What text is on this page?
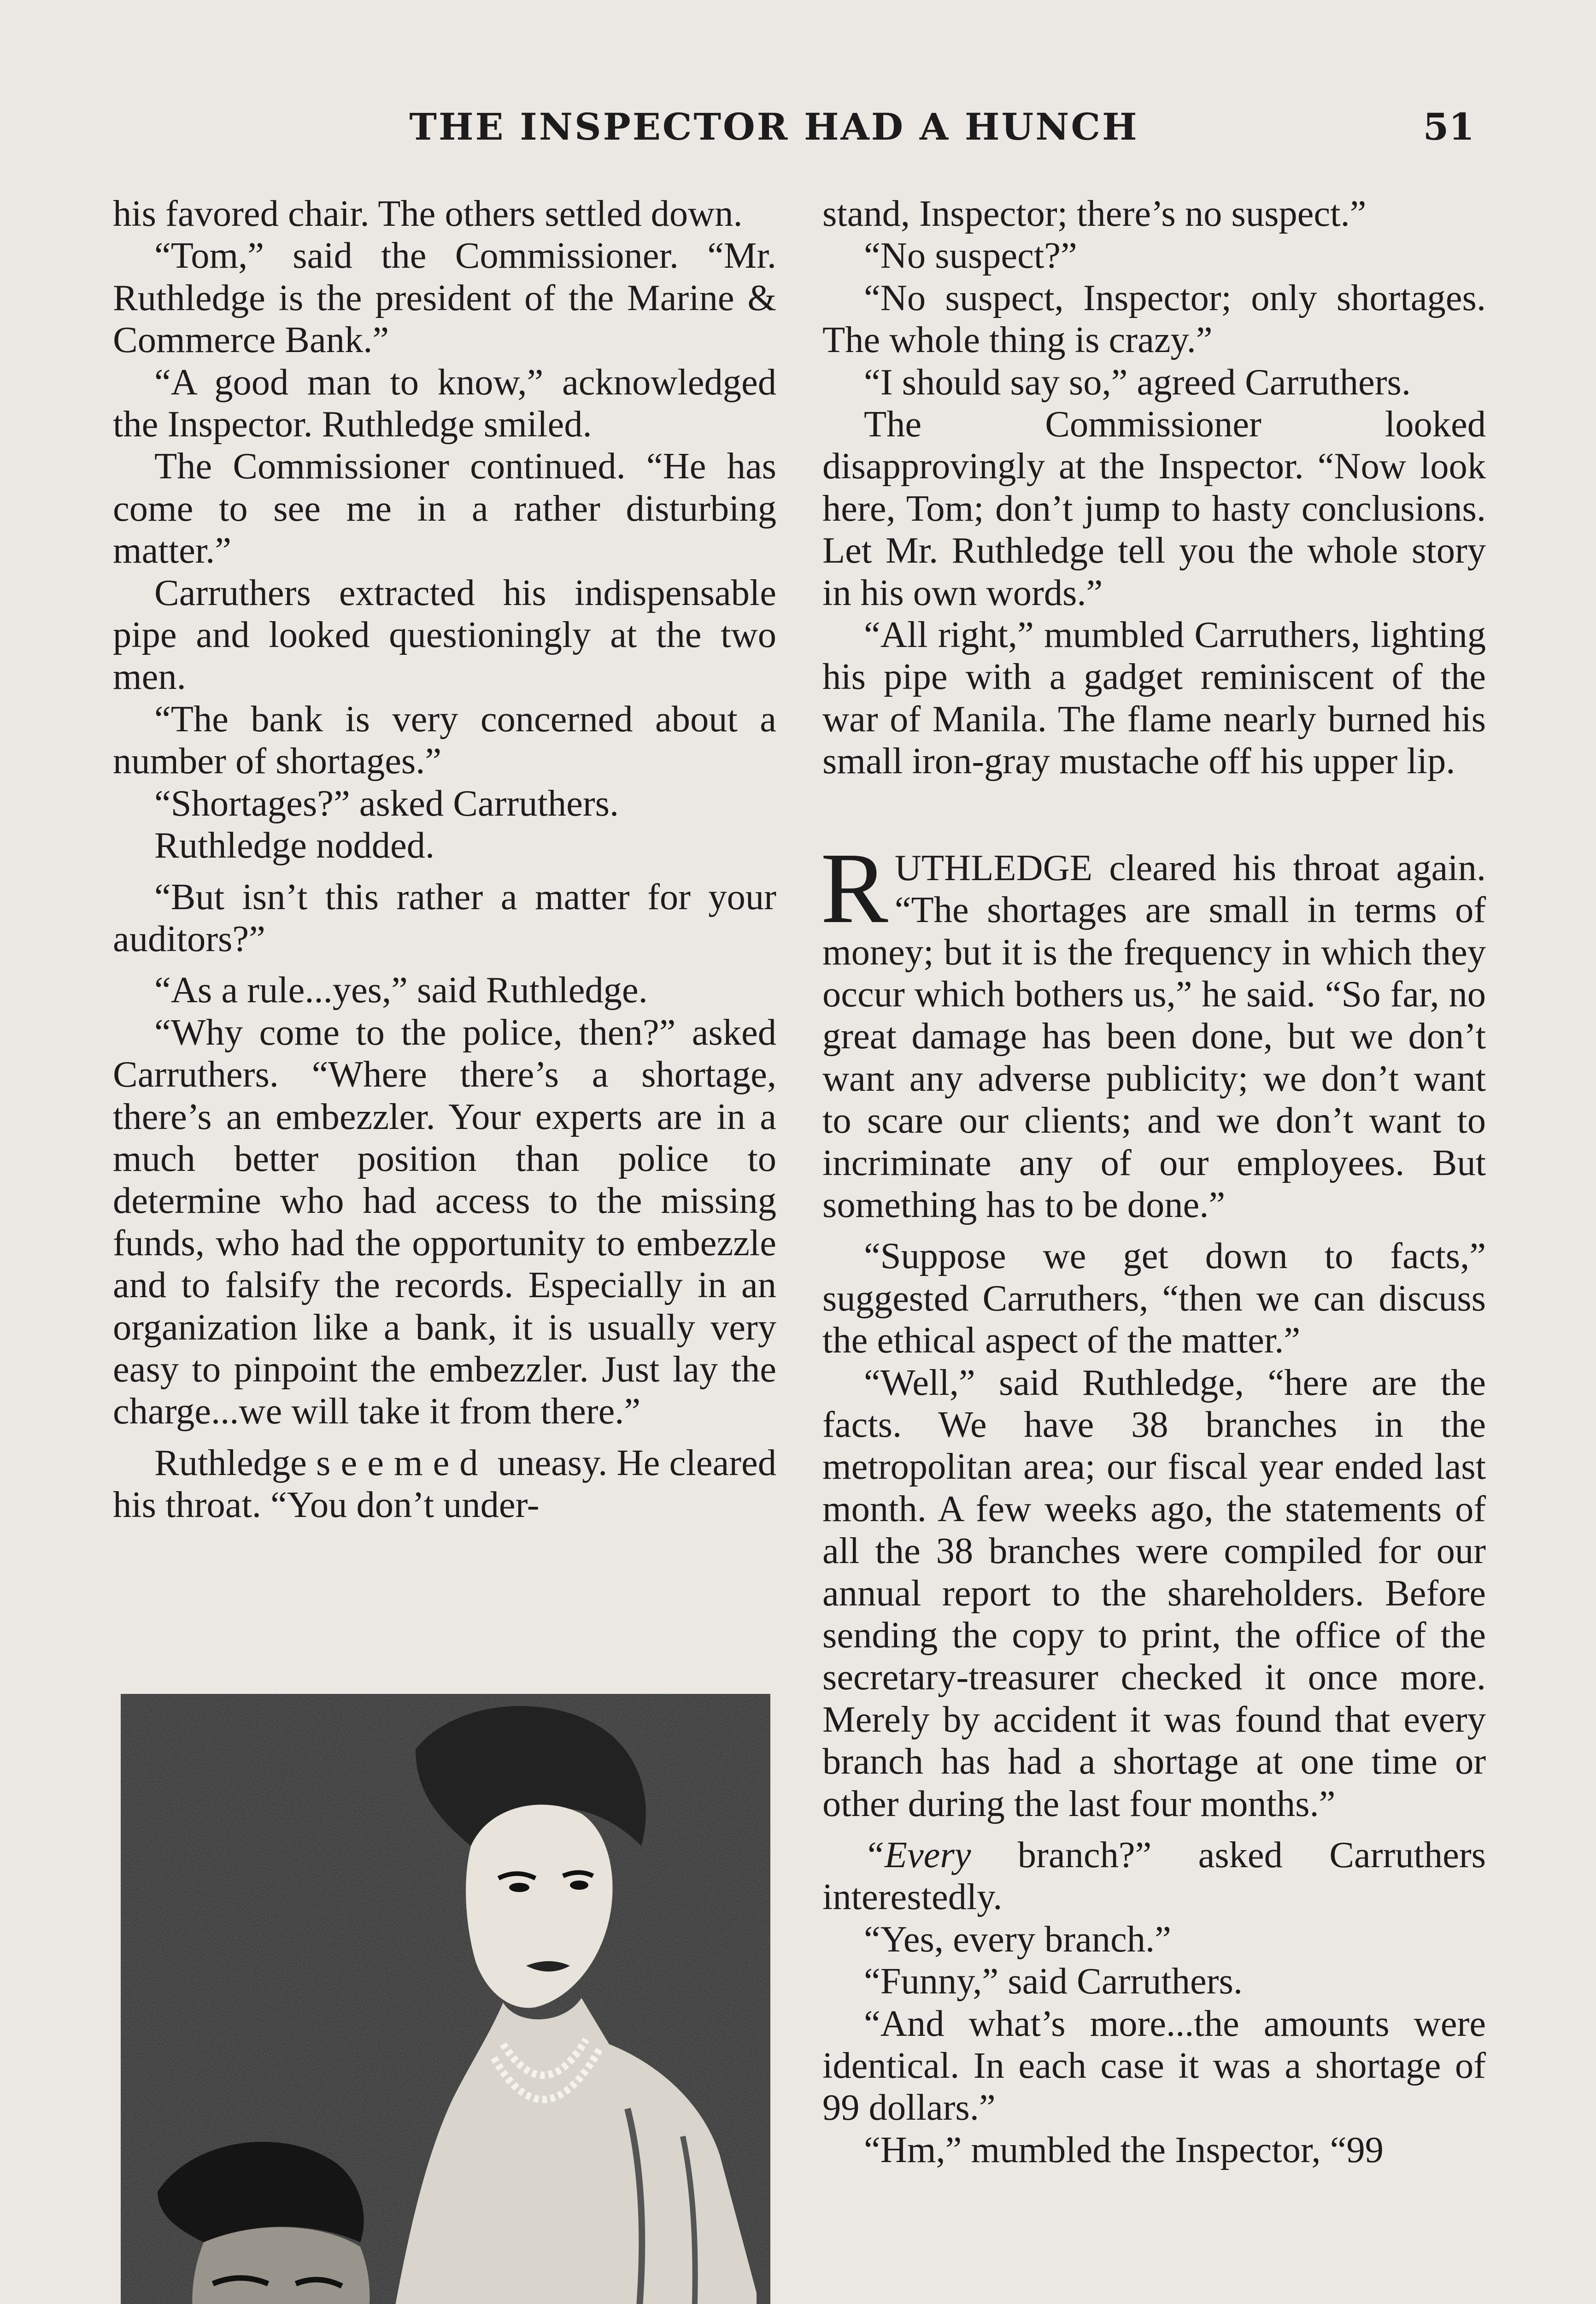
THE INSPECTOR HAD A HUNCH	51

his favored chair. The others settled down.

“Tom,” said the Commissioner. “Mr. Ruthledge is the president of the Marine & Commerce Bank.”

“A good man to know,” acknowledged the Inspector. Ruthledge smiled.

The Commissioner continued. “He has come to see me in a rather disturbing matter.”

Carruthers extracted his indispensable pipe and looked questioningly at the two men.

“The bank is very concerned about a number of shortages.”

“Shortages?” asked Carruthers.

Ruthledge nodded.

“But isn’t this rather a matter for your auditors?”

“As a rule...yes,” said Ruthledge.

“Why come to the police, then?” asked Carruthers. “Where there’s a shortage, there’s an embezzler. Your experts are in a much better position than police to determine who had access to the missing funds, who had the opportunity to embezzle and to falsify the records. Especially in an organization like a bank, it is usually very easy to pinpoint the embezzler. Just lay the charge...we will take it from there.”

Ruthledge seemed uneasy. He cleared his throat. “You don’t under-

stand, Inspector; there’s no suspect.”

“No suspect?”

“No suspect, Inspector; only shortages. The whole thing is crazy.”

“I should say so,” agreed Carruthers.

The Commissioner looked disapprovingly at the Inspector. “Now look here, Tom; don’t jump to hasty conclusions. Let Mr. Ruthledge tell you the whole story in his own words.”

“All right,” mumbled Carruthers, lighting his pipe with a gadget reminiscent of the war of Manila. The flame nearly burned his small iron-gray mustache off his upper lip.

RUTHLEDGE cleared his throat again. “The shortages are small in terms of money; but it is the frequency in which they occur which bothers us,” he said. “So far, no great damage has been done, but we don’t want any adverse publicity; we don’t want to scare our clients; and we don’t want to incriminate any of our employees. But something has to be done.”

“Suppose we get down to facts,” suggested Carruthers, “then we can discuss the ethical aspect of the matter.”

“Well,” said Ruthledge, “here are the facts. We have 38 branches in the metropolitan area; our fiscal year ended last month. A few weeks ago, the statements of all the 38 branches were compiled for our annual report to the shareholders. Before sending the copy to print, the office of the secretary-treasurer checked it once more. Merely by accident it was found that every branch has had a shortage at one time or other during the last four months.”

“Every branch?” asked Carruthers interestedly.

“Yes, every branch.”

“Funny,” said Carruthers.

“And what’s more...the amounts were identical. In each case it was a shortage of 99 dollars.”

“Hm,” mumbled the Inspector, “99
